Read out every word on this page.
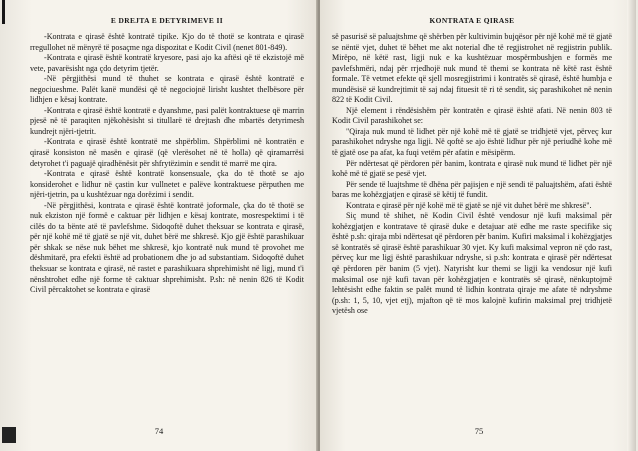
E DREJTA E DETYRIMEVE II

-Kontrata e qirasë është kontratë tipike. Kjo do të thotë se kontrata e qirasë rregullohet në mënyrë të posaçme nga dispozitat e Kodit Civil (nenet 801-849).

-Kontrata e qirasë është kontratë kryesore, pasi ajo ka aftësi që të ekzistojë më vete, pavarësisht nga çdo detyrim tjetër.

-Në përgjithësi mund të thuhet se kontrata e qirasë është kontratë e negociueshme. Palët kanë mundësi që të negociojnë lirisht kushtet thelbësore për lidhjen e kësaj kontrate.

-Kontrata e qirasë është kontratë e dyanshme, pasi palët kontraktuese që marrin pjesë në të paraqiten njëkohësisht si titullarë të drejtash dhe mbartës detyrimesh kundrejt njëri-tjetrit.

-Kontrata e qirasë është kontratë me shpërblim. Shpërblimi në kontratën e qirasë konsiston në masën e qirasë (që vlerësohet në të holla) që qiramarrësi detyrohet t'i paguajë qiradhënësit për shfrytëzimin e sendit të marrë me qira.

-Kontrata e qirasë është kontratë konsensuale, çka do të thotë se ajo konsiderohet e lidhur në çastin kur vullnetet e palëve kontraktuese përputhen me njëri-tjetrin, pa u kushtëzuar nga dorëzimi i sendit.

-Në përgjithësi, kontrata e qirasë është kontratë joformale, çka do të thotë se nuk ekziston një formë e caktuar për lidhjen e kësaj kontrate, mosrespektimi i të cilës do ta bënte atë të pavlefshme. Sidoqoftë duhet theksuar se kontrata e qirasë, për një kohë më të gjatë se një vit, duhet bërë me shkresë. Kjo gjë është parashikuar për shkak se nëse nuk bëhet me shkresë, kjo kontratë nuk mund të provohet me dëshmitarë, pra efekti është ad probationem dhe jo ad substantiam. Sidoqoftë duhet theksuar se kontrata e qirasë, në rastet e parashikuara shprehimisht në ligj, mund t'i nënshtrohet edhe një forme të caktuar shprehimisht. P.sh: në nenin 826 të Kodit Civil përcaktohet se kontrata e qirasë

74
KONTRATA E QIRASE

së pasurisë së paluajtshme që shërben për kultivimin bujqësor për një kohë më të gjatë se nëntë vjet, duhet të bëhet me akt noterial dhe të regjistrohet në regjistrin publik. Mirëpo, në këtë rast, ligji nuk e ka kushtëzuar mospërmbushjen e formës me pavlefshmëri, ndaj për rrjedhojë nuk mund të themi se kontrata në këtë rast është formale. Të vetmet efekte që sjell mosregjistrimi i kontratës së qirasë, është humbja e mundësisë së kundrejtimit të saj ndaj fituesit të ri të sendit, siç parashikohet në nenin 822 të Kodit Civil.

Një element i rëndësishëm për kontratën e qirasë është afati. Në nenin 803 të Kodit Civil parashikohet se:

"Qiraja nuk mund të lidhet për një kohë më të gjatë se tridhjetë vjet, përveç kur parashikohet ndryshe nga ligji. Në qoftë se ajo është lidhur për një periudhë kohe më të gjatë ose pa afat, ka fuqi vetëm për afatin e mësipërm.

Për ndërtesat që përdoren për banim, kontrata e qirasë nuk mund të lidhet për një kohë më të gjatë se pesë vjet.

Për sende të luajtshme të dhëna për pajisjen e një sendi të paluajtshëm, afati është baras me kohëzgjatjen e qirasë së këtij të fundit.

Kontrata e qirasë për një kohë më të gjatë se një vit duhet bërë me shkresë".

Siç mund të shihet, në Kodin Civil është vendosur një kufi maksimal për kohëzgjatjen e kontratave të qirasë duke e detajuar atë edhe me raste specifike siç është p.sh: qiraja mbi ndërtesat që përdoren për banim. Kufiri maksimal i kohëzgjatjes së kontratës së qirasë është parashikuar 30 vjet. Ky kufi maksimal vepron në çdo rast, përveç kur me ligj është parashikuar ndryshe, si p.sh: kontrata e qirasë për ndërtesat që përdoren për banim (5 vjet). Natyrisht kur themi se ligji ka vendosur një kufi maksimal ose një kufi tavan për kohëzgjatjen e kontratës së qirasë, nënkuptojmë lehtësisht edhe faktin se palët mund të lidhin kontrata qiraje me afate të ndryshme (p.sh: 1, 5, 10, vjet etj), mjafton që të mos kalojnë kufirin maksimal prej tridhjetë vjetësh ose

75
